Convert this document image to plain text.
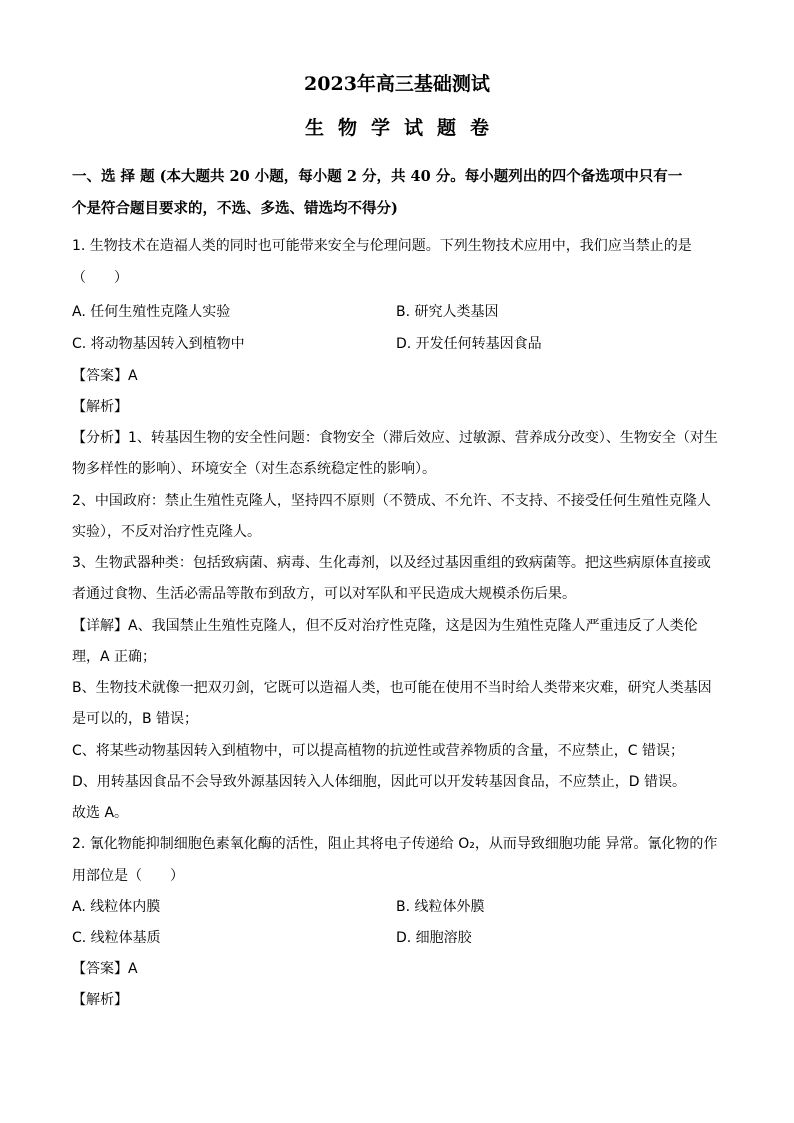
2023年高三基础测试
生物学试题卷
一、选 择 题 (本大题共 20 小题，每小题 2 分，共 40 分。每小题列出的四个备选项中只有一
个是符合题目要求的，不选、多选、错选均不得分)
1. 生物技术在造福人类的同时也可能带来安全与伦理问题。下列生物技术应用中，我们应当禁止的是
（　　）
A. 任何生殖性克隆人实验	B. 研究人类基因
C. 将动物基因转入到植物中	D. 开发任何转基因食品
【答案】A
【解析】
【分析】1、转基因生物的安全性问题：食物安全（滞后效应、过敏源、营养成分改变）、生物安全（对生
物多样性的影响）、环境安全（对生态系统稳定性的影响）。
2、中国政府：禁止生殖性克隆人，坚持四不原则（不赞成、不允许、不支持、不接受任何生殖性克隆人
实验），不反对治疗性克隆人。
3、生物武器种类：包括致病菌、病毒、生化毒剂，以及经过基因重组的致病菌等。把这些病原体直接或
者通过食物、生活必需品等散布到敌方，可以对军队和平民造成大规模杀伤后果。
【详解】A、我国禁止生殖性克隆人，但不反对治疗性克隆，这是因为生殖性克隆人严重违反了人类伦
理，A 正确；
B、生物技术就像一把双刃剑，它既可以造福人类，也可能在使用不当时给人类带来灾难，研究人类基因
是可以的，B 错误；
C、将某些动物基因转入到植物中，可以提高植物的抗逆性或营养物质的含量，不应禁止，C 错误；
D、用转基因食品不会导致外源基因转入人体细胞，因此可以开发转基因食品，不应禁止，D 错误。
故选 A。
2. 氰化物能抑制细胞色素氧化酶的活性，阻止其将电子传递给 O₂，从而导致细胞功能 异常。氰化物的作
用部位是（　　）
A. 线粒体内膜	B. 线粒体外膜
C. 线粒体基质	D. 细胞溶胶
【答案】A
【解析】
